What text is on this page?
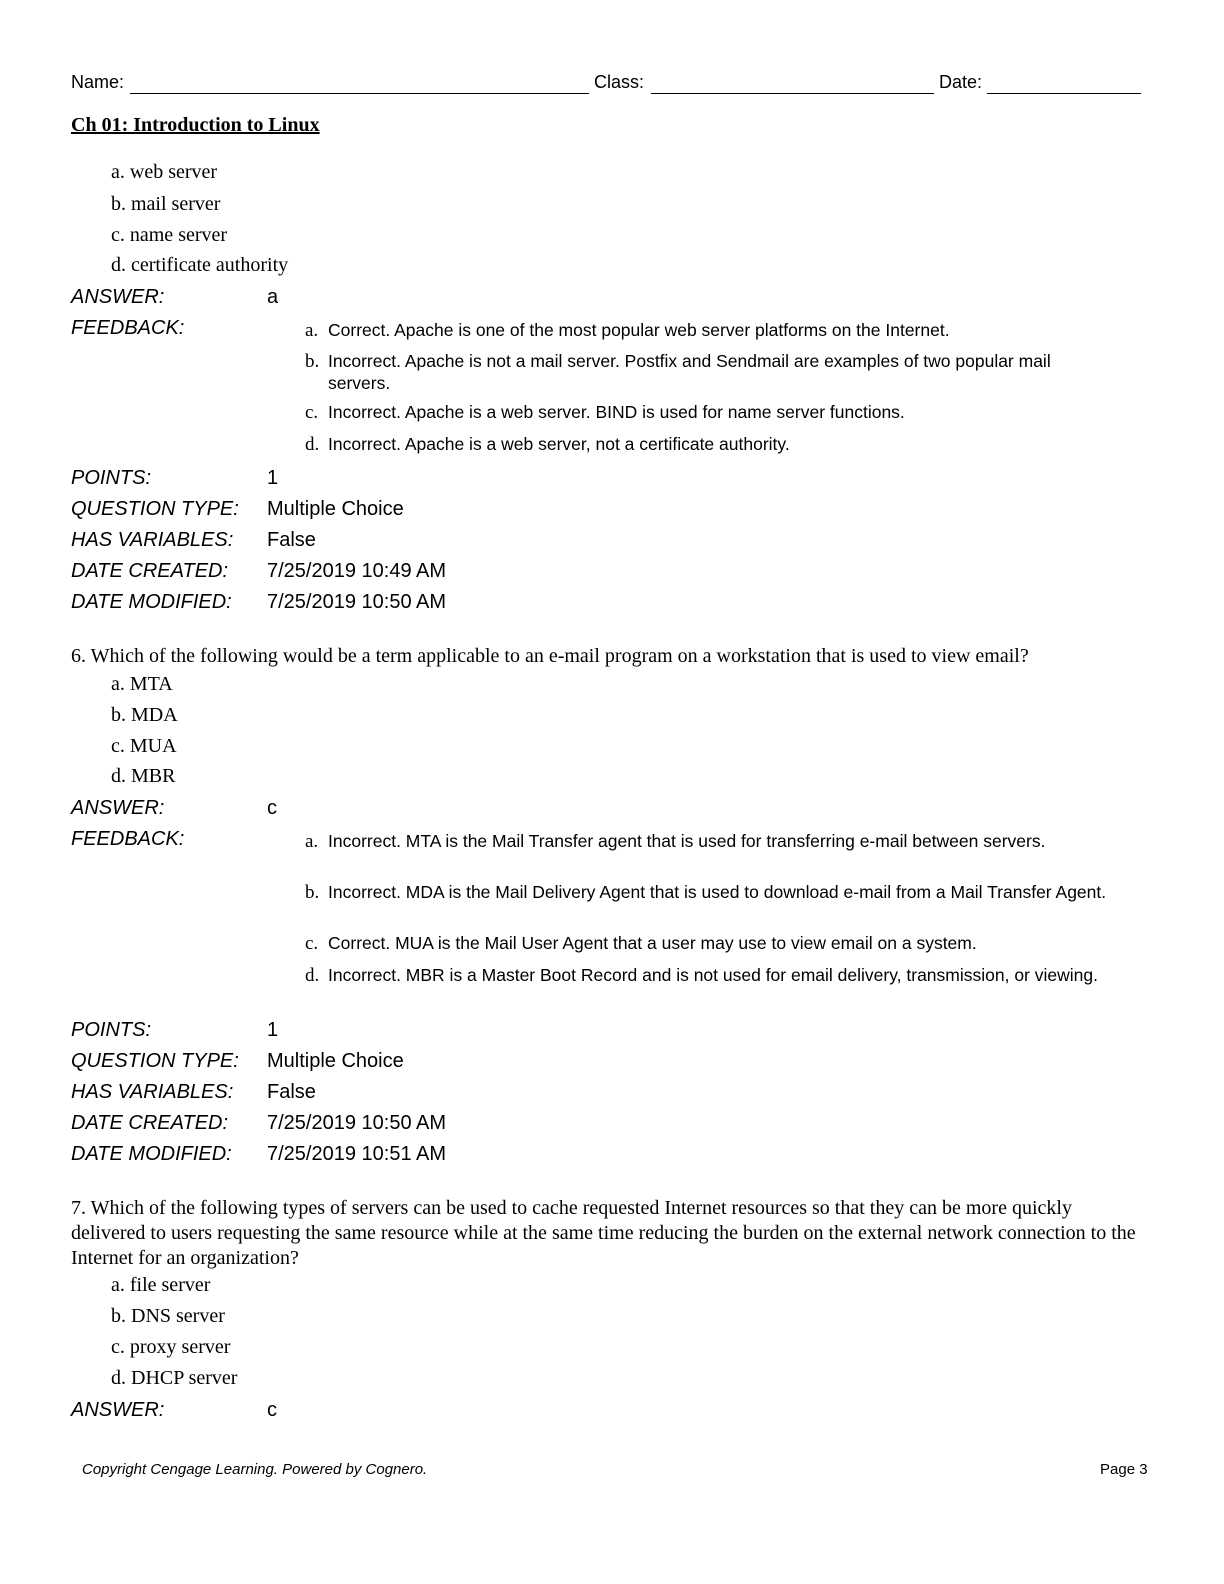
Name:	Class:	Date:
Ch 01: Introduction to Linux
a. web server
b. mail server
c. name server
d. certificate authority
ANSWER:	a
FEEDBACK:	a. Correct. Apache is one of the most popular web server platforms on the Internet.
b. Incorrect. Apache is not a mail server. Postfix and Sendmail are examples of two popular mail servers.
c. Incorrect. Apache is a web server. BIND is used for name server functions.
d. Incorrect. Apache is a web server, not a certificate authority.
POINTS:	1
QUESTION TYPE: Multiple Choice
HAS VARIABLES: False
DATE CREATED: 7/25/2019 10:49 AM
DATE MODIFIED: 7/25/2019 10:50 AM
6. Which of the following would be a term applicable to an e-mail program on a workstation that is used to view email?
a. MTA
b. MDA
c. MUA
d. MBR
ANSWER:	c
FEEDBACK:	a. Incorrect. MTA is the Mail Transfer agent that is used for transferring e-mail between servers.
b. Incorrect. MDA is the Mail Delivery Agent that is used to download e-mail from a Mail Transfer Agent.
c. Correct. MUA is the Mail User Agent that a user may use to view email on a system.
d. Incorrect. MBR is a Master Boot Record and is not used for email delivery, transmission, or viewing.
POINTS:	1
QUESTION TYPE: Multiple Choice
HAS VARIABLES: False
DATE CREATED: 7/25/2019 10:50 AM
DATE MODIFIED: 7/25/2019 10:51 AM
7. Which of the following types of servers can be used to cache requested Internet resources so that they can be more quickly delivered to users requesting the same resource while at the same time reducing the burden on the external network connection to the Internet for an organization?
a. file server
b. DNS server
c. proxy server
d. DHCP server
ANSWER:	c
Copyright Cengage Learning. Powered by Cognero.	Page 3
